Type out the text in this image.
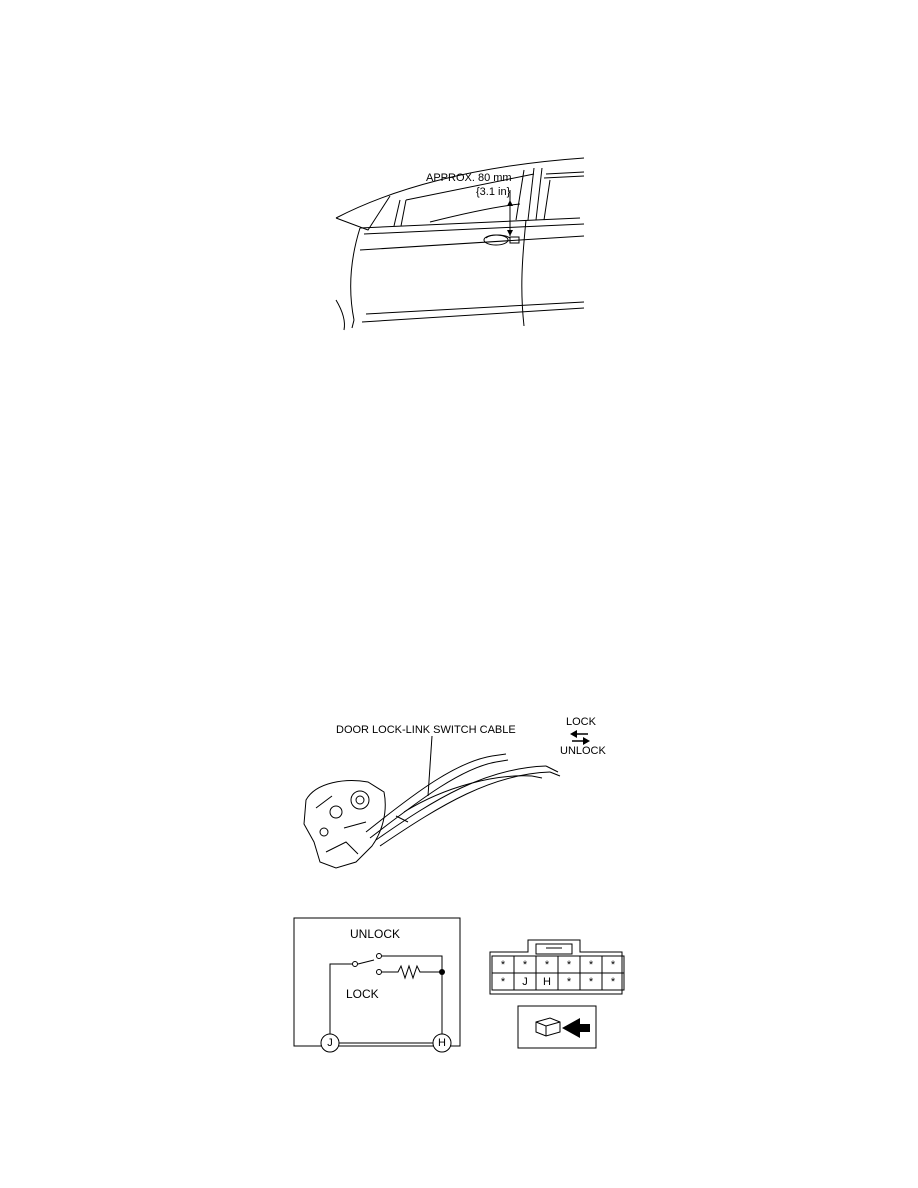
APPROX. 80 mm
{3.1 in}
DOOR LOCK-LINK SWITCH CABLE
LOCK
UNLOCK
J	H
UNLOCK
LOCK
* * * * * *
* J H * * *
